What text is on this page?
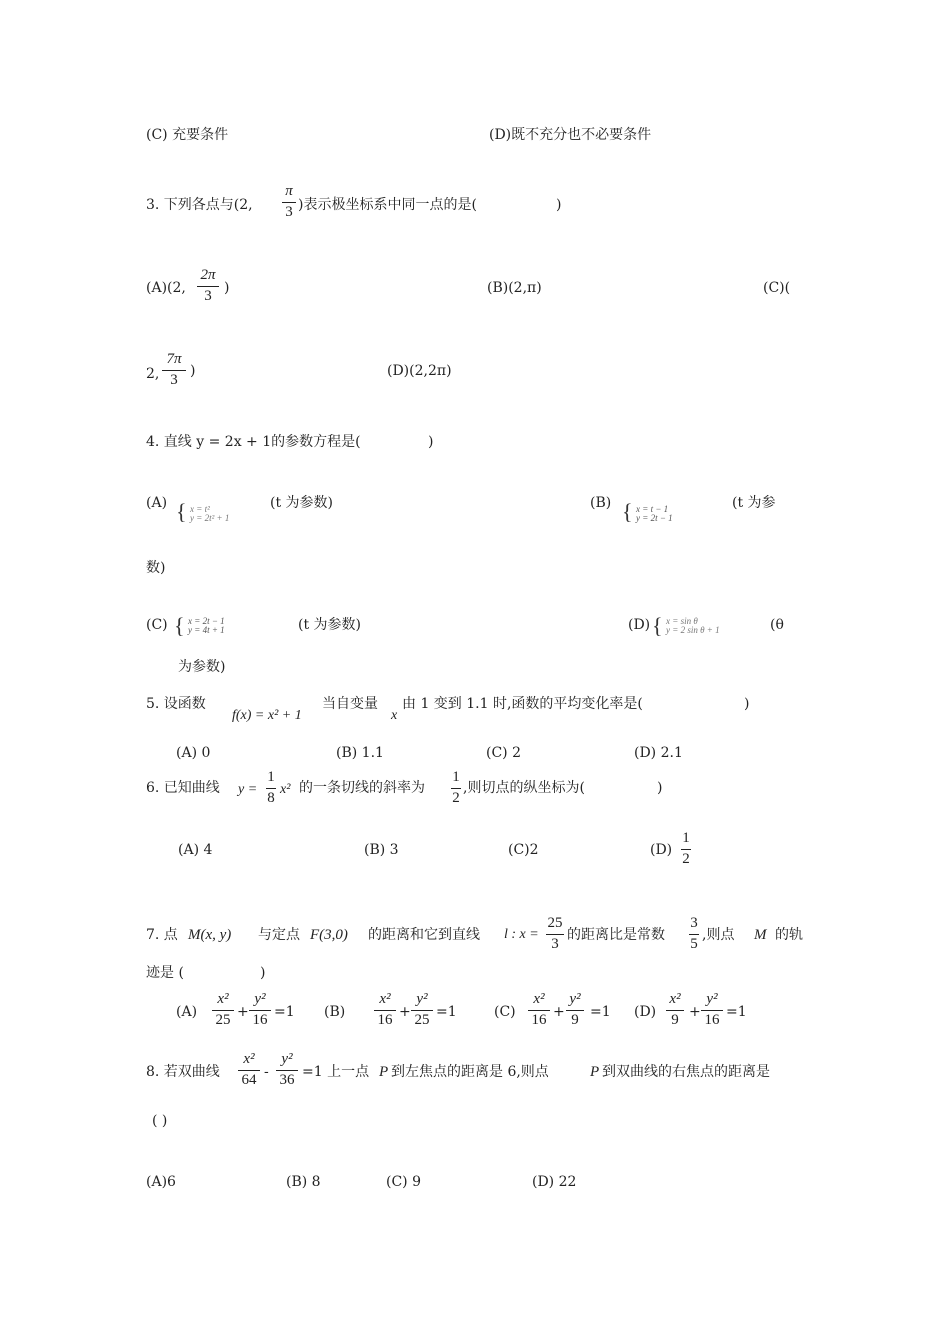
(C) 充要条件	(D)既不充分也不必要条件
3. 下列各点与(2,
π
3 )表示极坐标系中同一点的是(	)
(A)(2,
2π
3 )	(B)(2,π)	(C)(
2,
7π
3
)	(D)(2,2π)
4. 直线 y = 2x + 1的参数方程是(	)
(A) { x = t²
y = 2t² + 1
(t 为参数)	(B) { x = t − 1
y = 2t − 1
(t 为参
数)
(C) { x = 2t − 1
y = 4t + 1	(t 为参数)	(D) { x = sin θ
y = 2 sin θ + 1	(θ
为参数)
5. 设函数
f(x) = x² + 1
当自变量
x
由 1 变到 1.1 时,函数的平均变化率是(	)
(A) 0	(B) 1.1	(C) 2	(D) 2.1
6. 已知曲线 y =
1
8
x² 的一条切线的斜率为
1
2
,则切点的纵坐标为(	)
(A) 4	(B) 3	(C)2	(D)
1
2
7. 点 M(x, y) 与定点 F(3,0) 的距离和它到直线 l : x =
25
3
的距离比是常数
3
5
,则点 M 的轨
迹是 (	)
(A)
x²
25 +
y²
16 =1 (B)
x²
16 +
y²
25 =1	(C)
x²
16 +
y²
9 =1 (D)
x²
9 +
y²
16 =1
8. 若双曲线
x²
64 -
y²
36 =1 上一点 P 到左焦点的距离是 6,则点	P 到双曲线的右焦点的距离是
( )
(A)6	(B) 8	(C) 9	(D) 22
